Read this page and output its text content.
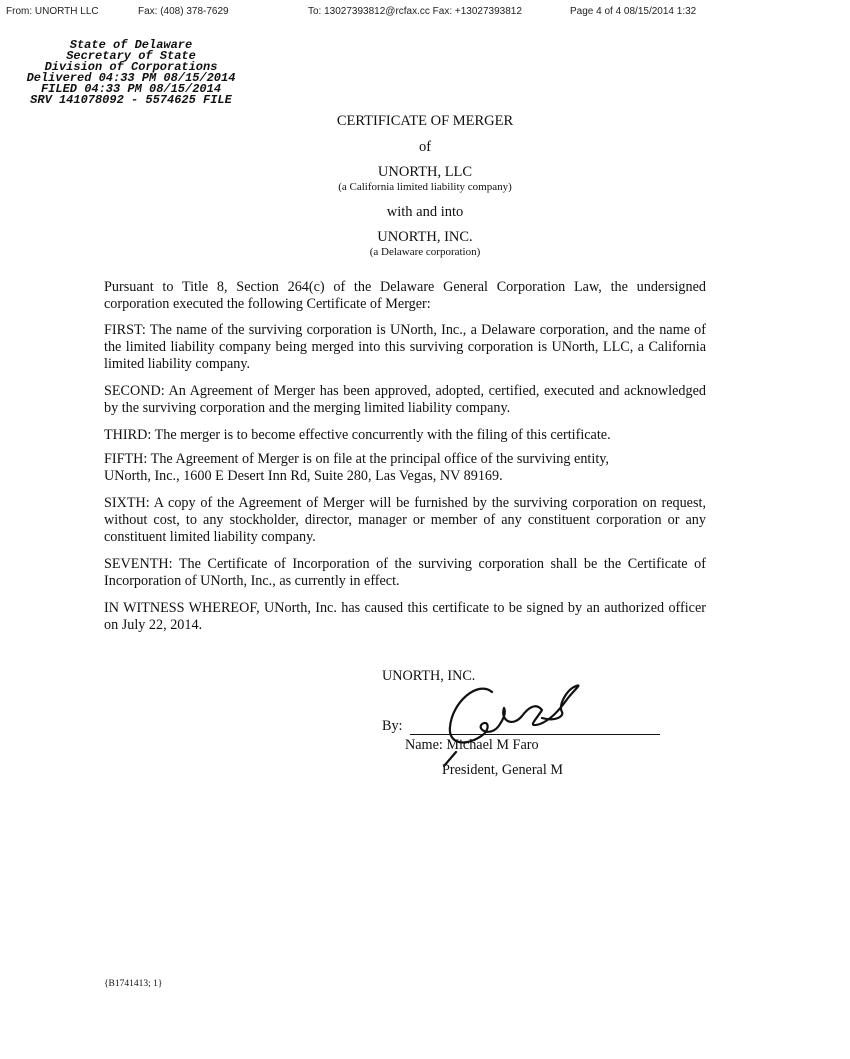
From: UNORTH LLC	Fax: (408) 378-7629	To: 13027393812@rcfax.cc Fax: +13027393812	Page 4 of 4 08/15/2014 1:32
State of Delaware
Secretary of State
Division of Corporations
Delivered 04:33 PM 08/15/2014
FILED 04:33 PM 08/15/2014
SRV 141078092 - 5574625 FILE
CERTIFICATE OF MERGER
of
UNORTH, LLC
(a California limited liability company)
with and into
UNORTH, INC.
(a Delaware corporation)
Pursuant to Title 8, Section 264(c) of the Delaware General Corporation Law, the undersigned corporation executed the following Certificate of Merger:
FIRST: The name of the surviving corporation is UNorth, Inc., a Delaware corporation, and the name of the limited liability company being merged into this surviving corporation is UNorth, LLC, a California limited liability company.
SECOND: An Agreement of Merger has been approved, adopted, certified, executed and acknowledged by the surviving corporation and the merging limited liability company.
THIRD: The merger is to become effective concurrently with the filing of this certificate.
FIFTH: The Agreement of Merger is on file at the principal office of the surviving entity,
UNorth, Inc., 1600 E Desert Inn Rd, Suite 280, Las Vegas, NV 89169.
SIXTH: A copy of the Agreement of Merger will be furnished by the surviving corporation on request, without cost, to any stockholder, director, manager or member of any constituent corporation or any constituent limited liability company.
SEVENTH: The Certificate of Incorporation of the surviving corporation shall be the Certificate of Incorporation of UNorth, Inc., as currently in effect.
IN WITNESS WHEREOF, UNorth, Inc. has caused this certificate to be signed by an authorized officer on July 22, 2014.
UNORTH, INC.
By:
Name: Michael M Faro
President, General M
{B1741413; 1}
